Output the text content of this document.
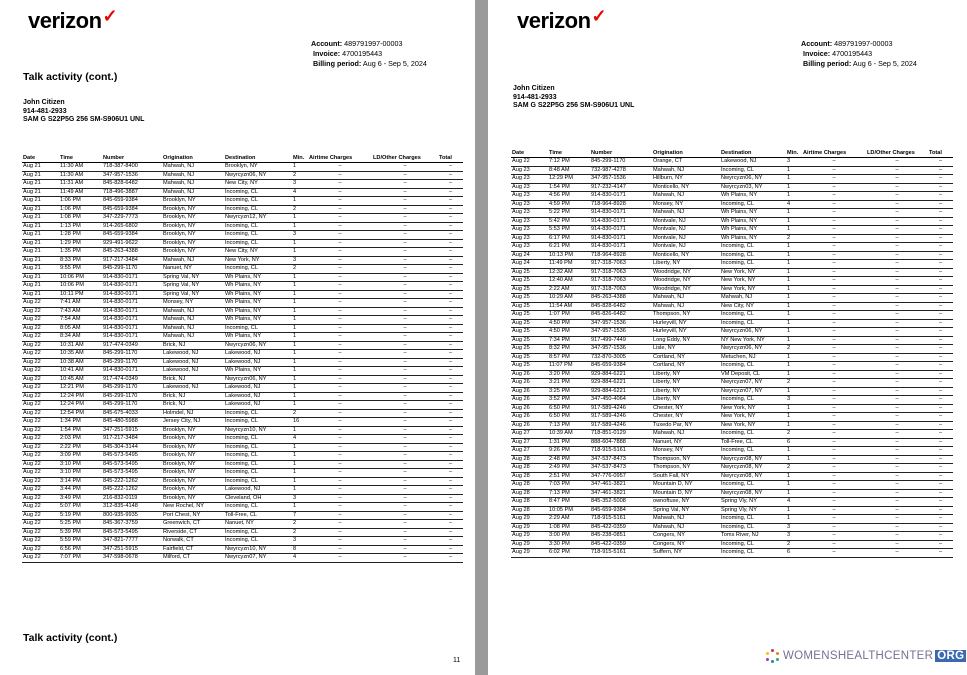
verizon✓
Account: 489791997-00003
Invoice: 4700195443
Billing period: Aug 6 - Sep 5, 2024
Talk activity (cont.)
John Citizen
914-481-2933
SAM G S22P5G 256 SM-S906U1 UNL
Date	Time	Number	Origination	Destination	Min.	Airtime Charges	LD/Other Charges	Total
Aug 21	11:30 AM	718-387-8400	Mahwah, NJ	Brooklyn, NY	1	–	–	–
Aug 21	11:30 AM	347-957-1536	Mahwah, NJ	Nwyrcyzn06, NY	2	–	–	–
Aug 21	11:31 AM	845-828-6482	Mahwah, NJ	New City, NY	3	–	–	–
Aug 21	11:49 AM	718-496-3887	Mahwah, NJ	Incoming, CL	4	–	–	–
Aug 21	1:06 PM	845-659-9384	Brooklyn, NY	Incoming, CL	1	–	–	–
Aug 21	1:06 PM	845-659-9384	Brooklyn, NY	Incoming, CL	2	–	–	–
Aug 21	1:08 PM	347-229-7773	Brooklyn, NY	Nwyrcyzn12, NY	1	–	–	–
Aug 21	1:13 PM	914-265-6802	Brooklyn, NY	Incoming, CL	1	–	–	–
Aug 21	1:28 PM	845-659-9384	Brooklyn, NY	Incoming, CL	3	–	–	–
Aug 21	1:29 PM	929-491-9622	Brooklyn, NY	Incoming, CL	1	–	–	–
Aug 21	1:35 PM	845-263-4388	Brooklyn, NY	New City, NY	1	–	–	–
Aug 21	8:33 PM	917-217-3484	Mahwah, NJ	New York, NY	3	–	–	–
Aug 21	9:55 PM	845-299-1170	Nanuet, NY	Incoming, CL	2	–	–	–
Aug 21	10:06 PM	914-830-0171	Spring Val, NY	Wh Plains, NY	1	–	–	–
Aug 21	10:06 PM	914-830-0171	Spring Val, NY	Wh Plains, NY	1	–	–	–
Aug 21	10:11 PM	914-830-0171	Spring Val, NY	Wh Plains, NY	1	–	–	–
Aug 22	7:41 AM	914-830-0171	Monsey, NY	Wh Plains, NY	1	–	–	–
Aug 22	7:43 AM	914-830-0171	Mahwah, NJ	Wh Plains, NY	1	–	–	–
Aug 22	7:54 AM	914-830-0171	Mahwah, NJ	Wh Plains, NY	1	–	–	–
Aug 22	8:05 AM	914-830-0171	Mahwah, NJ	Incoming, CL	1	–	–	–
Aug 22	8:34 AM	914-830-0171	Mahwah, NJ	Wh Plains, NY	1	–	–	–
Aug 22	10:31 AM	917-474-0349	Brick, NJ	Nwyrcyzn06, NY	1	–	–	–
Aug 22	10:35 AM	845-299-1170	Lakewood, NJ	Lakewood, NJ	1	–	–	–
Aug 22	10:38 AM	845-299-1170	Lakewood, NJ	Lakewood, NJ	1	–	–	–
Aug 22	10:41 AM	914-830-0171	Lakewood, NJ	Wh Plains, NY	1	–	–	–
Aug 22	10:45 AM	917-474-0349	Brick, NJ	Nwyrcyzn06, NY	1	–	–	–
Aug 22	12:21 PM	845-299-1170	Lakewood, NJ	Lakewood, NJ	1	–	–	–
Aug 22	12:24 PM	845-299-1170	Brick, NJ	Lakewood, NJ	1	–	–	–
Aug 22	12:24 PM	845-299-1170	Brick, NJ	Lakewood, NJ	1	–	–	–
Aug 22	12:54 PM	845-675-4033	Holmdel, NJ	Incoming, CL	2	–	–	–
Aug 22	1:34 PM	845-480-5988	Jersey City, NJ	Incoming, CL	16	–	–	–
Aug 22	1:54 PM	347-251-5915	Brooklyn, NY	Nwyrcyzn10, NY	1	–	–	–
Aug 22	2:03 PM	917-217-3484	Brooklyn, NY	Incoming, CL	4	–	–	–
Aug 22	2:22 PM	845-304-3144	Brooklyn, NY	Incoming, CL	1	–	–	–
Aug 22	3:09 PM	845-573-5495	Brooklyn, NY	Incoming, CL	1	–	–	–
Aug 22	3:10 PM	845-573-5495	Brooklyn, NY	Incoming, CL	1	–	–	–
Aug 22	3:10 PM	845-573-5495	Brooklyn, NY	Incoming, CL	1	–	–	–
Aug 22	3:14 PM	845-222-1262	Brooklyn, NY	Incoming, CL	1	–	–	–
Aug 22	3:44 PM	845-222-1262	Brooklyn, NY	Lakewood, NJ	1	–	–	–
Aug 22	3:49 PM	216-832-0119	Brooklyn, NY	Cleveland, OH	3	–	–	–
Aug 22	5:07 PM	312-835-4148	New Rochel, NY	Incoming, CL	1	–	–	–
Aug 22	5:19 PM	800-935-9935	Port Chest, NY	Toll-Free, CL	7	–	–	–
Aug 22	5:25 PM	845-367-3759	Greenwich, CT	Nanuet, NY	2	–	–	–
Aug 22	5:39 PM	845-573-5495	Riverside, CT	Incoming, CL	2	–	–	–
Aug 22	5:59 PM	347-821-7777	Norwalk, CT	Incoming, CL	3	–	–	–
Aug 22	6:56 PM	347-251-5915	Fairfield, CT	Nwyrcyzn10, NY	8	–	–	–
Aug 22	7:07 PM	347-598-0678	Milford, CT	Nwyrcyzn07, NY	4	–	–	–
Talk activity (cont.)
11
verizon✓
Account: 489791997-00003
Invoice: 4700195443
Billing period: Aug 6 - Sep 5, 2024
John Citizen
914-481-2933
SAM G S22P5G 256 SM-S906U1 UNL
Date	Time	Number	Origination	Destination	Min.	Airtime Charges	LD/Other Charges	Total
Aug 22	7:12 PM	845-299-1170	Orange, CT	Lakewood, NJ	3	–	–	–
Aug 23	8:48 AM	732-987-4278	Mahwah, NJ	Incoming, CL	1	–	–	–
Aug 23	12:29 PM	347-957-1536	Hillburn, NY	Nwyrcyzn06, NY	1	–	–	–
Aug 23	1:54 PM	917-232-4147	Monticello, NY	Nwyrcyzn03, NY	1	–	–	–
Aug 23	4:56 PM	914-830-0171	Mahwah, NJ	Wh Plains, NY	1	–	–	–
Aug 23	4:59 PM	718-964-8928	Monsey, NY	Incoming, CL	4	–	–	–
Aug 23	5:22 PM	914-830-0171	Mahwah, NJ	Wh Plains, NY	1	–	–	–
Aug 23	5:42 PM	914-830-0171	Montvale, NJ	Wh Plains, NY	1	–	–	–
Aug 23	5:53 PM	914-830-0171	Montvale, NJ	Wh Plains, NY	1	–	–	–
Aug 23	6:17 PM	914-830-0171	Montvale, NJ	Wh Plains, NY	2	–	–	–
Aug 23	6:21 PM	914-830-0171	Montvale, NJ	Incoming, CL	1	–	–	–
Aug 24	10:13 PM	718-964-8928	Monticello, NY	Incoming, CL	1	–	–	–
Aug 24	11:49 PM	917-318-7063	Liberty, NY	Incoming, CL	1	–	–	–
Aug 25	12:32 AM	917-318-7063	Woodridge, NY	New York, NY	1	–	–	–
Aug 25	12:40 AM	917-318-7063	Woodridge, NY	New York, NY	1	–	–	–
Aug 25	2:22 AM	917-318-7063	Woodridge, NY	New York, NY	1	–	–	–
Aug 25	10:29 AM	845-263-4388	Mahwah, NJ	Mahwah, NJ	1	–	–	–
Aug 25	11:54 AM	845-828-6482	Mahwah, NJ	New City, NY	1	–	–	–
Aug 25	1:07 PM	845-826-6482	Thompson, NY	Incoming, CL	1	–	–	–
Aug 25	4:50 PM	347-957-1536	Hurleyvill, NY	Incoming, CL	1	–	–	–
Aug 25	4:50 PM	347-957-1536	Hurleyvill, NY	Nwyrcyzn06, NY	1	–	–	–
Aug 25	7:34 PM	917-499-7449	Long Eddy, NY	NY New York, NY	1	–	–	–
Aug 25	8:32 PM	347-957-1536	Lisle, NY	Nwyrcyzn06, NY	2	–	–	–
Aug 25	8:57 PM	732-870-3005	Cortland, NY	Metuchen, NJ	1	–	–	–
Aug 25	11:07 PM	845-659-9384	Cortland, NY	Incoming, CL	1	–	–	–
Aug 26	3:20 PM	929-884-6221	Liberty, NY	VM Deposit, CL	1	–	–	–
Aug 26	3:21 PM	929-884-6221	Liberty, NY	Nwyrcyzn07, NY	2	–	–	–
Aug 26	3:25 PM	929-884-6221	Liberty, NY	Nwyrcyzn07, NY	1	–	–	–
Aug 26	3:52 PM	347-450-4064	Liberty, NY	Incoming, CL	3	–	–	–
Aug 26	6:50 PM	917-589-4246	Chester, NY	New York, NY	1	–	–	–
Aug 26	6:50 PM	917-589-4246	Chester, NY	New York, NY	1	–	–	–
Aug 26	7:13 PM	917-589-4246	Tuxedo Par, NY	New York, NY	1	–	–	–
Aug 27	10:39 AM	718-851-0129	Mahwah, NJ	Incoming, CL	2	–	–	–
Aug 27	1:31 PM	888-604-7888	Nanuet, NY	Toll-Free, CL	6	–	–	–
Aug 27	9:26 PM	718-915-5161	Monsey, NY	Incoming, CL	1	–	–	–
Aug 28	2:48 PM	347-537-8473	Thompson, NY	Nwyrcyzn08, NY	1	–	–	–
Aug 28	2:49 PM	347-537-8473	Thompson, NY	Nwyrcyzn08, NY	2	–	–	–
Aug 28	2:51 PM	347-776-0957	South Fall, NY	Nwyrcyzn08, NY	1	–	–	–
Aug 28	7:03 PM	347-461-3821	Mountain D, NY	Incoming, CL	1	–	–	–
Aug 28	7:13 PM	347-461-3821	Mountain D, NY	Nwyrcyzn08, NY	1	–	–	–
Aug 28	8:47 PM	845-352-5008	ownoftuxe, NY	Spring Vly, NY	4	–	–	–
Aug 28	10:05 PM	845-659-9384	Spring Val, NY	Spring Vly, NY	1	–	–	–
Aug 29	2:29 AM	718-915-5161	Mahwah, NJ	Incoming, CL	1	–	–	–
Aug 29	1:08 PM	845-422-0359	Mahwah, NJ	Incoming, CL	3	–	–	–
Aug 29	3:00 PM	845-238-0851	Congers, NY	Toms River, NJ	3	–	–	–
Aug 29	3:30 PM	845-422-0359	Congers, NY	Incoming, CL	2	–	–	–
Aug 29	6:02 PM	718-915-5161	Suffern, NY	Incoming, CL	6	–	–	–
WOMENSHEALTHCENTER ORG
